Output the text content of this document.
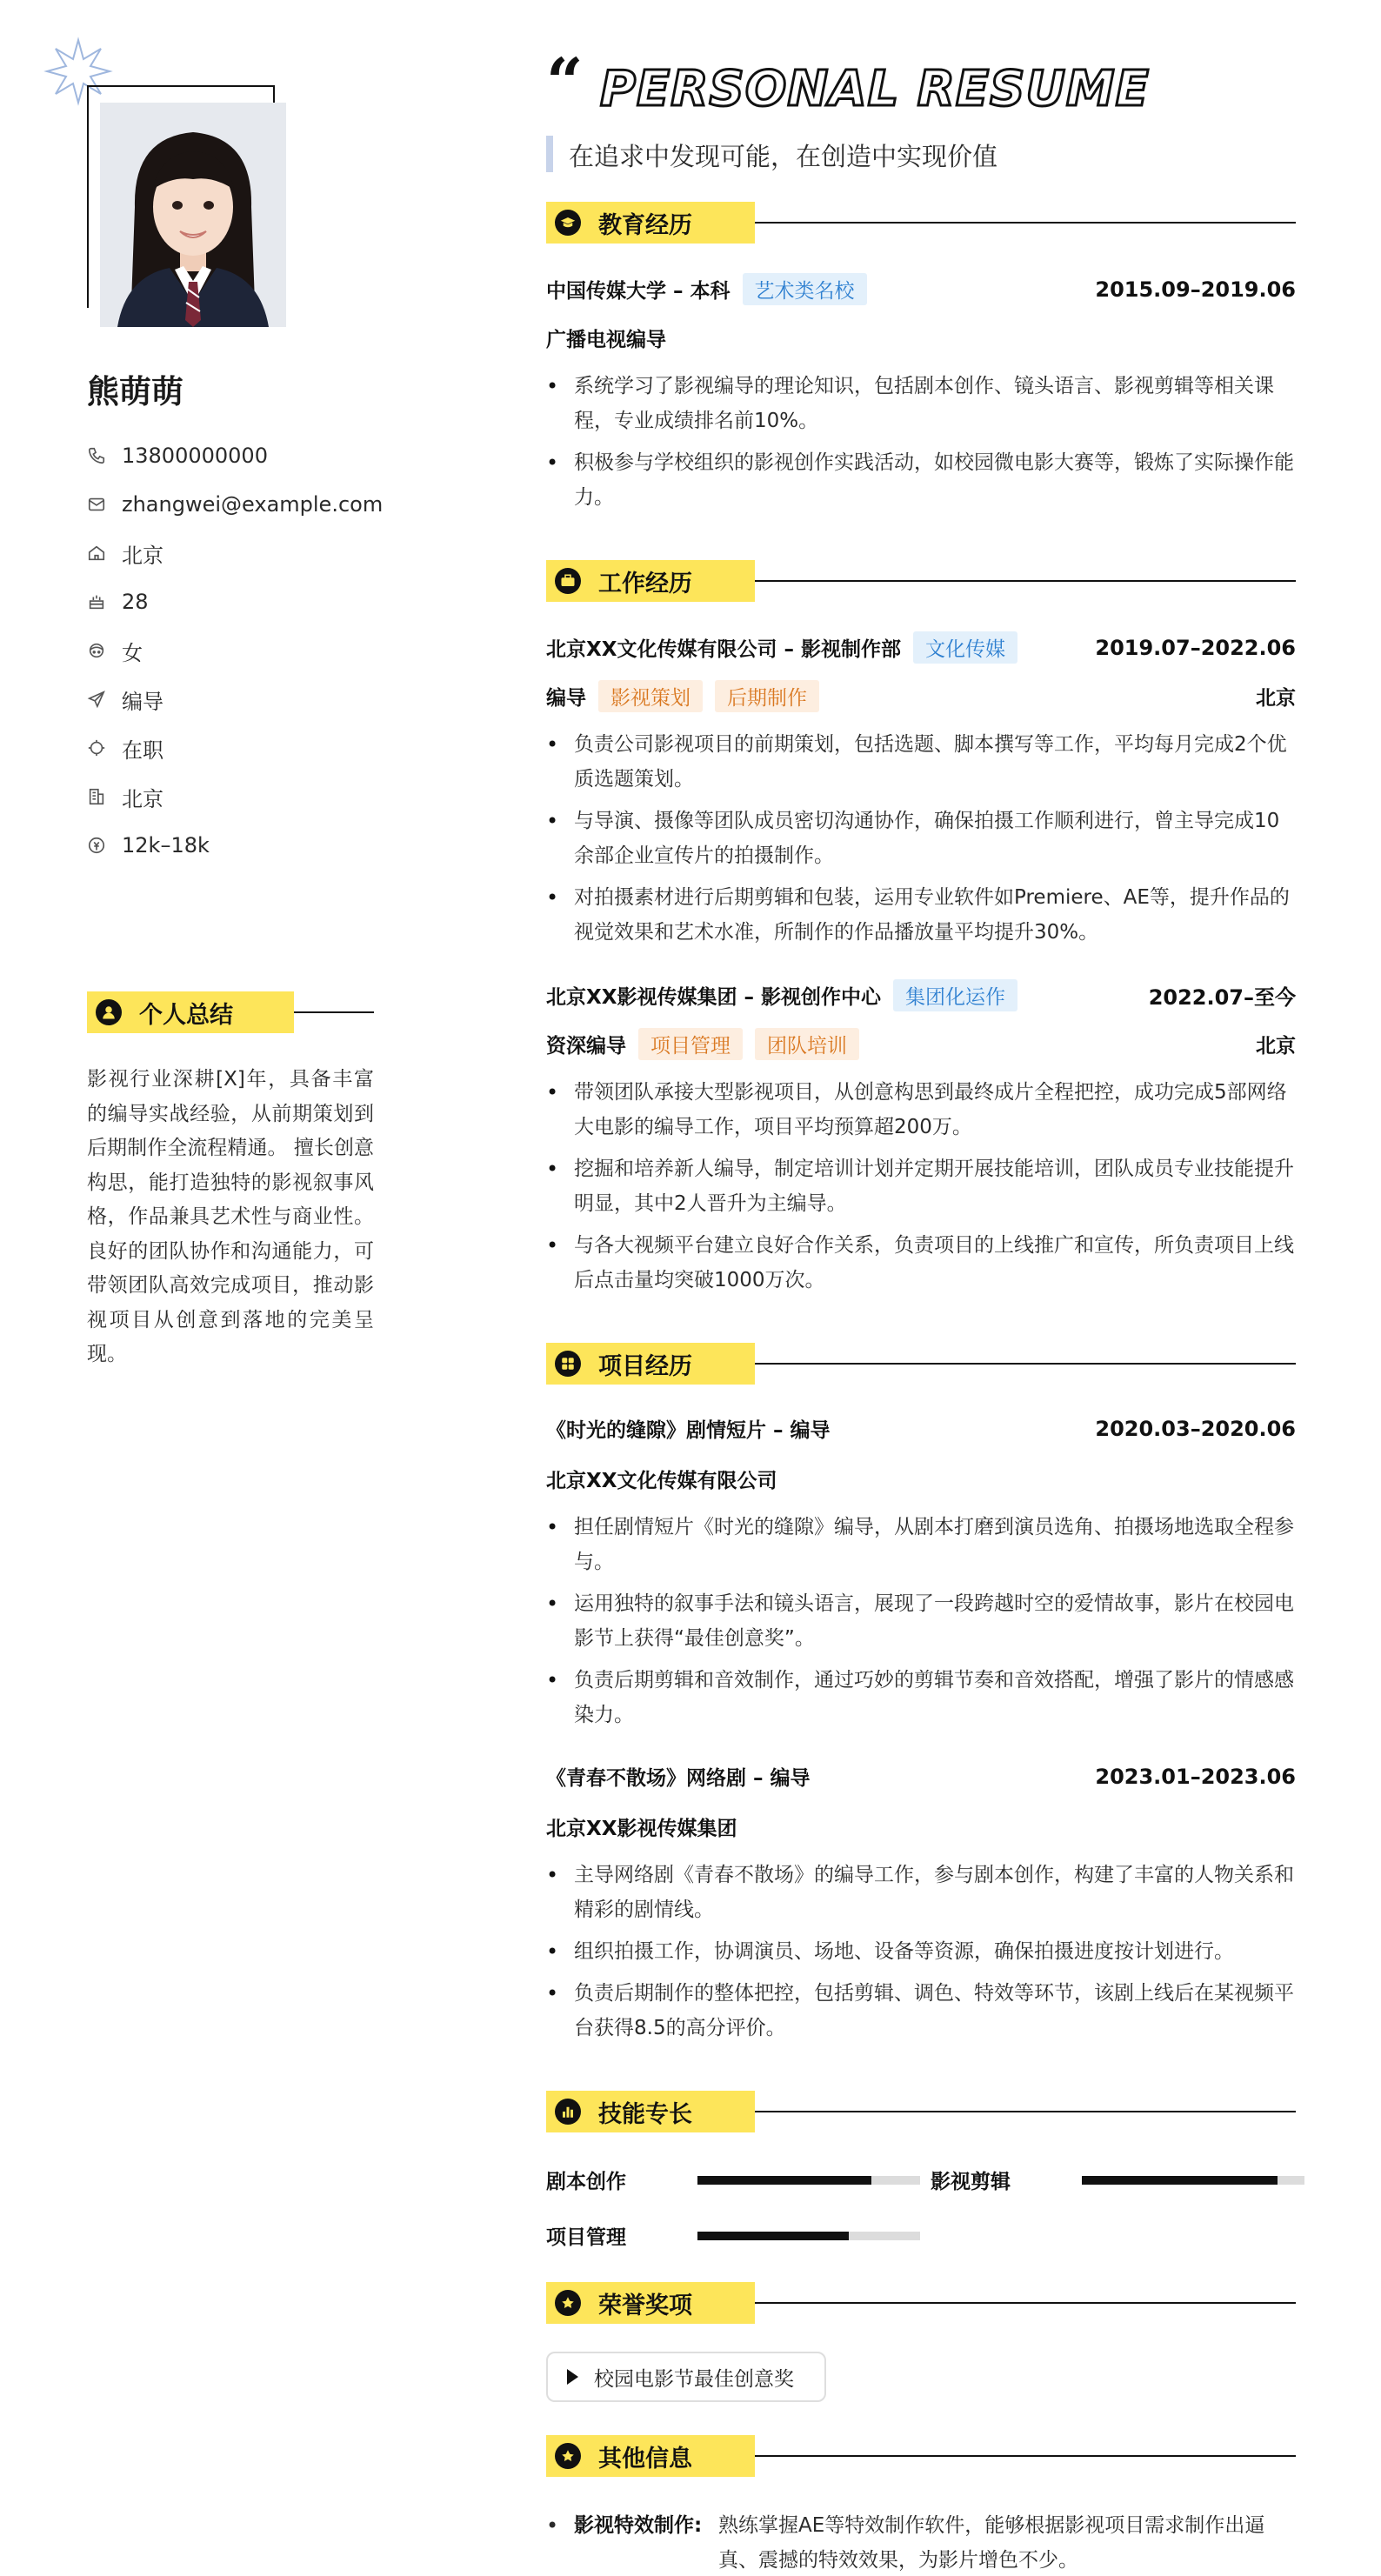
熊萌萌
13800000000
zhangwei@example.com
北京
28
女
编导
在职
北京
12k–18k
个人总结
影视行业深耕[X]年，具备丰富的编导实战经验，从前期策划到后期制作全流程精通。 擅长创意构思，能打造独特的影视叙事风格，作品兼具艺术性与商业性。 良好的团队协作和沟通能力，可带领团队高效完成项目，推动影视项目从创意到落地的完美呈现。
“ PERSONAL RESUME
在追求中发现可能，在创造中实现价值
教育经历
中国传媒大学 – 本科	艺术类名校	2015.09–2019.06
广播电视编导
• 系统学习了影视编导的理论知识，包括剧本创作、镜头语言、影视剪辑等相关课程，专业成绩排名前10%。
• 积极参与学校组织的影视创作实践活动，如校园微电影大赛等，锻炼了实际操作能力。
工作经历
北京XX文化传媒有限公司 – 影视制作部	文化传媒	2019.07–2022.06
编导	影视策划	后期制作	北京
• 负责公司影视项目的前期策划，包括选题、脚本撰写等工作，平均每月完成2个优质选题策划。
• 与导演、摄像等团队成员密切沟通协作，确保拍摄工作顺利进行，曾主导完成10余部企业宣传片的拍摄制作。
• 对拍摄素材进行后期剪辑和包装，运用专业软件如Premiere、AE等，提升作品的视觉效果和艺术水准，所制作的作品播放量平均提升30%。
北京XX影视传媒集团 – 影视创作中心	集团化运作	2022.07–至今
资深编导	项目管理	团队培训	北京
• 带领团队承接大型影视项目，从创意构思到最终成片全程把控，成功完成5部网络大电影的编导工作，项目平均预算超200万。
• 挖掘和培养新人编导，制定培训计划并定期开展技能培训，团队成员专业技能提升明显，其中2人晋升为主编导。
• 与各大视频平台建立良好合作关系，负责项目的上线推广和宣传，所负责项目上线后点击量均突破1000万次。
项目经历
《时光的缝隙》剧情短片 – 编导	2020.03–2020.06
北京XX文化传媒有限公司
• 担任剧情短片《时光的缝隙》编导，从剧本打磨到演员选角、拍摄场地选取全程参与。
• 运用独特的叙事手法和镜头语言，展现了一段跨越时空的爱情故事，影片在校园电影节上获得“最佳创意奖”。
• 负责后期剪辑和音效制作，通过巧妙的剪辑节奏和音效搭配，增强了影片的情感感染力。
《青春不散场》网络剧 – 编导	2023.01–2023.06
北京XX影视传媒集团
• 主导网络剧《青春不散场》的编导工作，参与剧本创作，构建了丰富的人物关系和精彩的剧情线。
• 组织拍摄工作，协调演员、场地、设备等资源，确保拍摄进度按计划进行。
• 负责后期制作的整体把控，包括剪辑、调色、特效等环节，该剧上线后在某视频平台获得8.5的高分评价。
技能专长
剧本创作	影视剪辑
项目管理
荣誉奖项
校园电影节最佳创意奖
其他信息
• 影视特效制作: 熟练掌握AE等特效制作软件，能够根据影视项目需求制作出逼真、震撼的特效效果，为影片增色不少。
